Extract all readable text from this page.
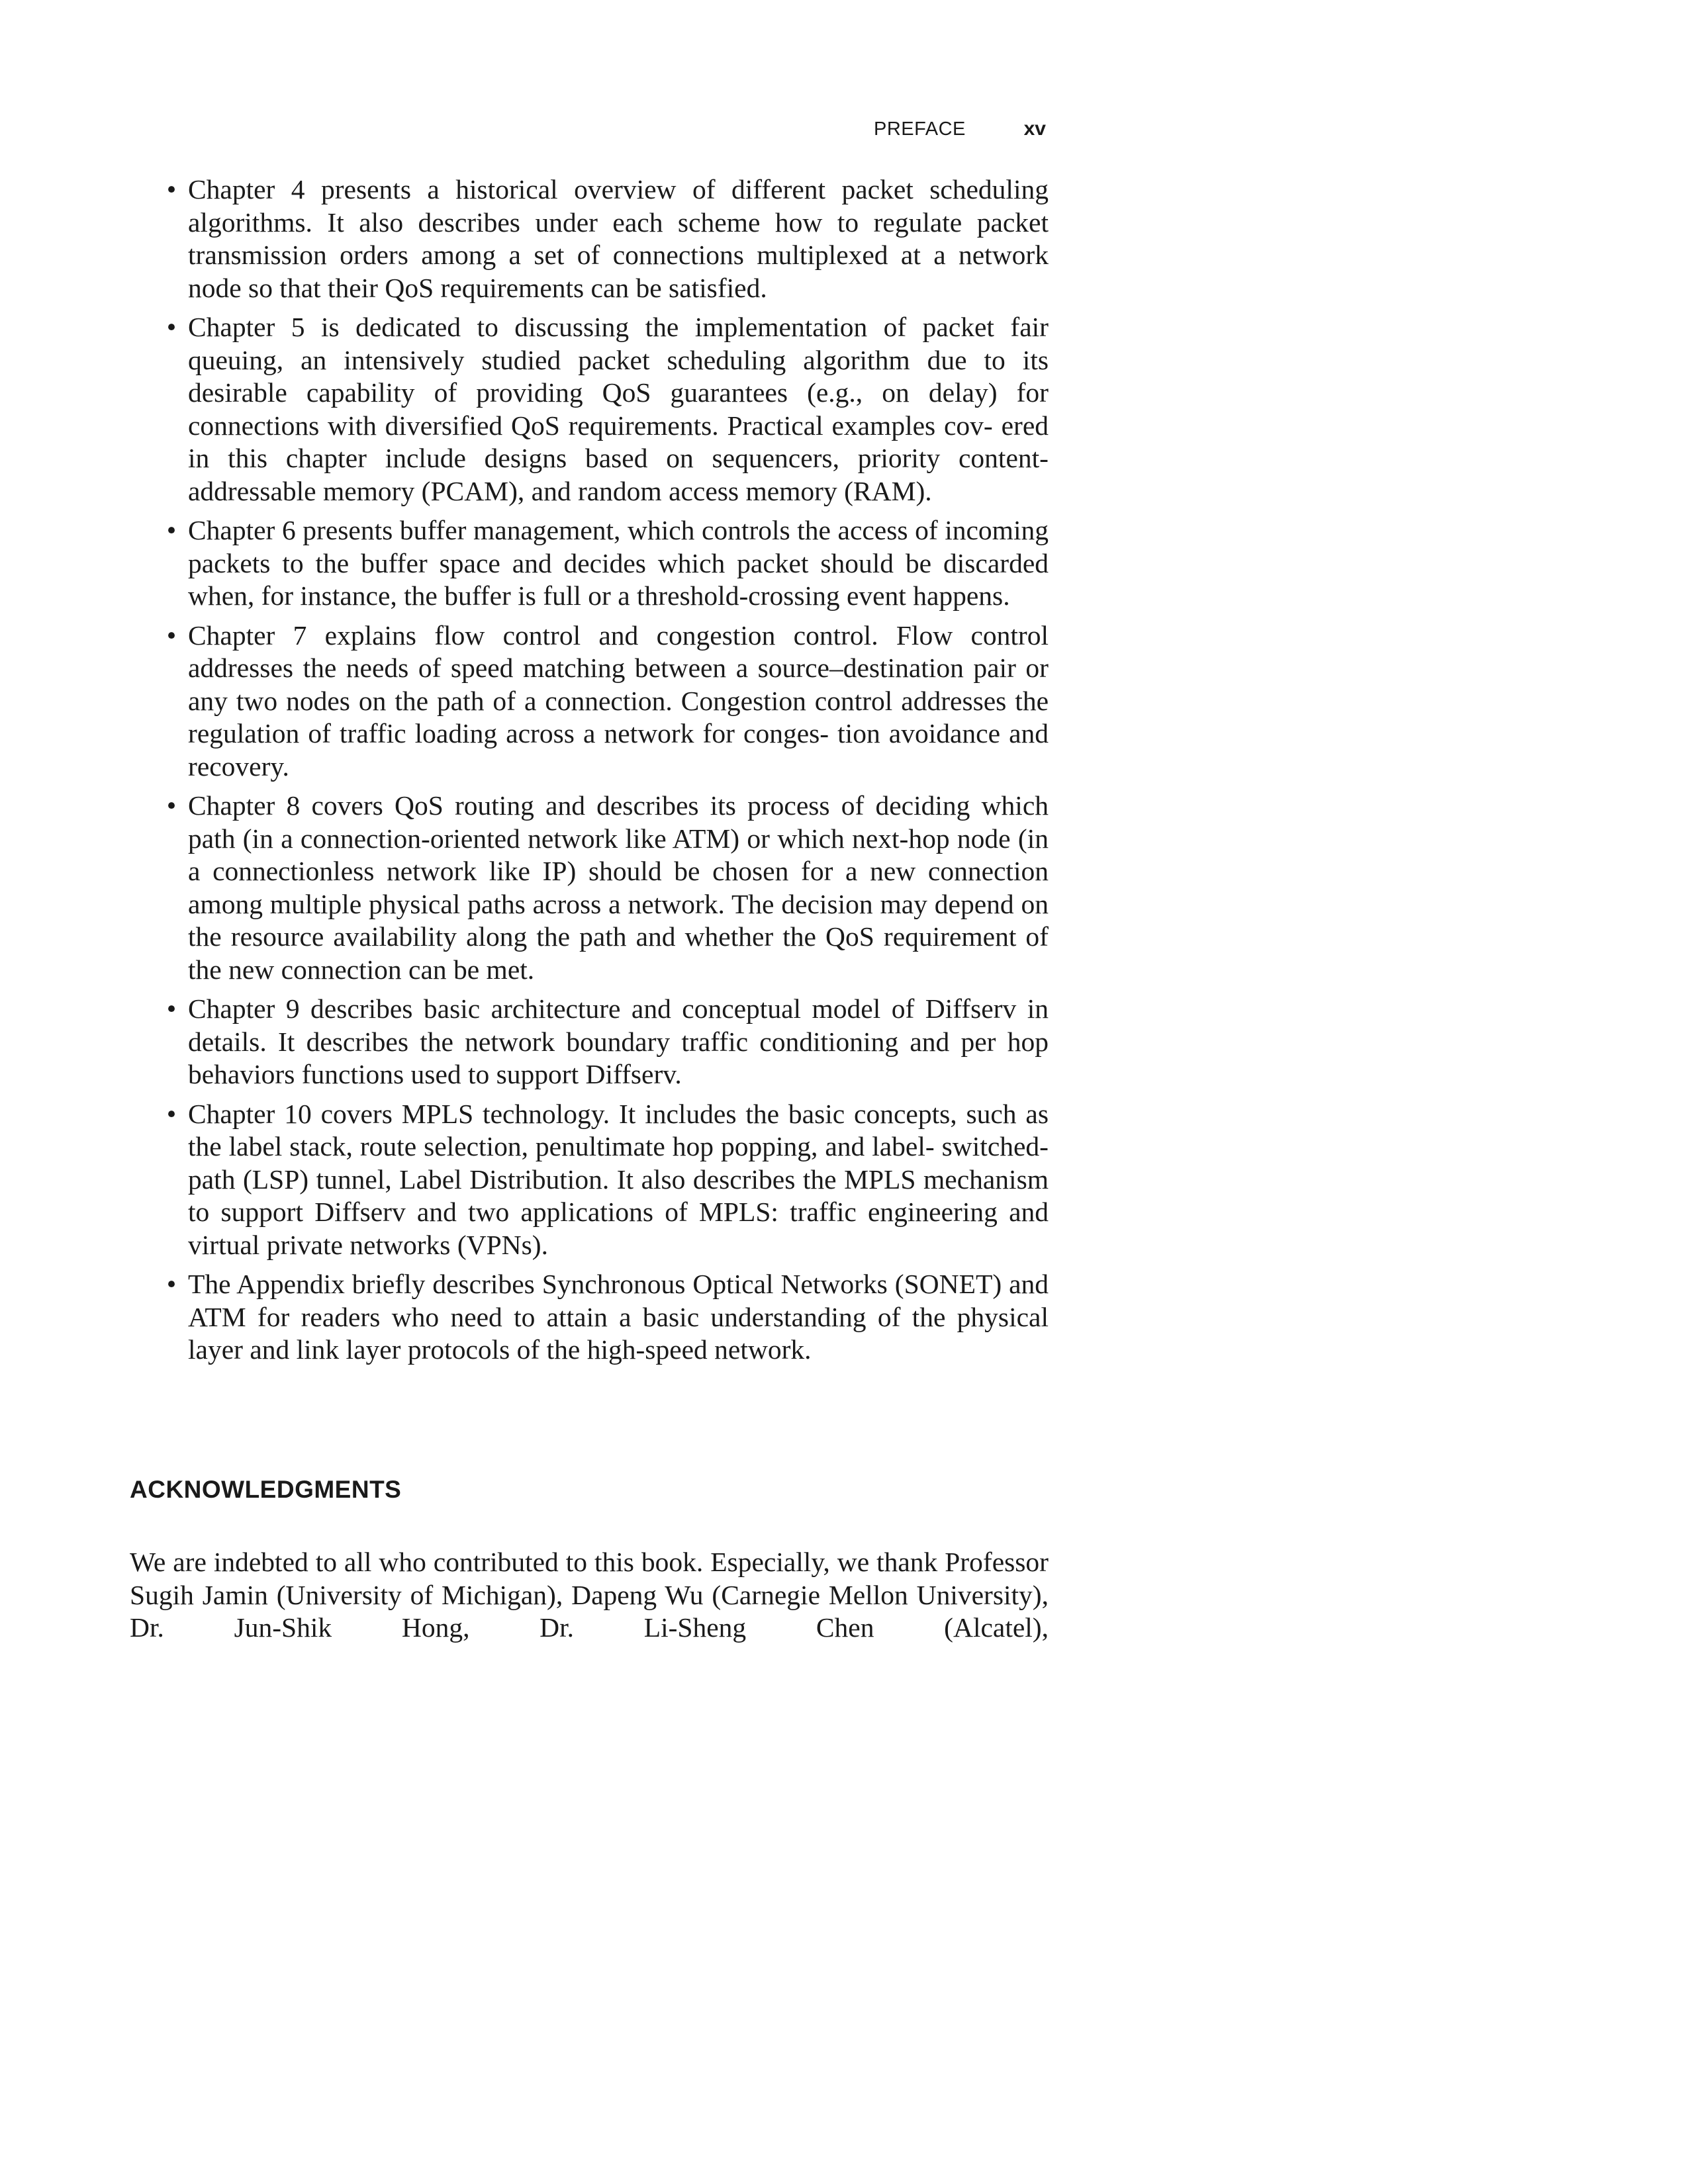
PREFACE	xv
• Chapter 4 presents a historical overview of different packet scheduling algorithms. It also describes under each scheme how to regulate packet transmission orders among a set of connections multiplexed at a network node so that their QoS requirements can be satisfied.
• Chapter 5 is dedicated to discussing the implementation of packet fair queuing, an intensively studied packet scheduling algorithm due to its desirable capability of providing QoS guarantees (e.g., on delay) for connections with diversified QoS requirements. Practical examples cov- ered in this chapter include designs based on sequencers, priority content- addressable memory (PCAM), and random access memory (RAM).
• Chapter 6 presents buffer management, which controls the access of incoming packets to the buffer space and decides which packet should be discarded when, for instance, the buffer is full or a threshold-crossing event happens.
• Chapter 7 explains flow control and congestion control. Flow control addresses the needs of speed matching between a source–destination pair or any two nodes on the path of a connection. Congestion control addresses the regulation of traffic loading across a network for conges- tion avoidance and recovery.
• Chapter 8 covers QoS routing and describes its process of deciding which path (in a connection-oriented network like ATM) or which next-hop node (in a connectionless network like IP) should be chosen for a new connection among multiple physical paths across a network. The decision may depend on the resource availability along the path and whether the QoS requirement of the new connection can be met.
• Chapter 9 describes basic architecture and conceptual model of Diffserv in details. It describes the network boundary traffic conditioning and per hop behaviors functions used to support Diffserv.
• Chapter 10 covers MPLS technology. It includes the basic concepts, such as the label stack, route selection, penultimate hop popping, and label- switched-path (LSP) tunnel, Label Distribution. It also describes the MPLS mechanism to support Diffserv and two applications of MPLS: traffic engineering and virtual private networks (VPNs).
• The Appendix briefly describes Synchronous Optical Networks (SONET) and ATM for readers who need to attain a basic understanding of the physical layer and link layer protocols of the high-speed network.
ACKNOWLEDGMENTS

We are indebted to all who contributed to this book. Especially, we thank Professor Sugih Jamin (University of Michigan), Dapeng Wu (Carnegie Mellon University), Dr. Jun-Shik Hong, Dr. Li-Sheng Chen (Alcatel),
